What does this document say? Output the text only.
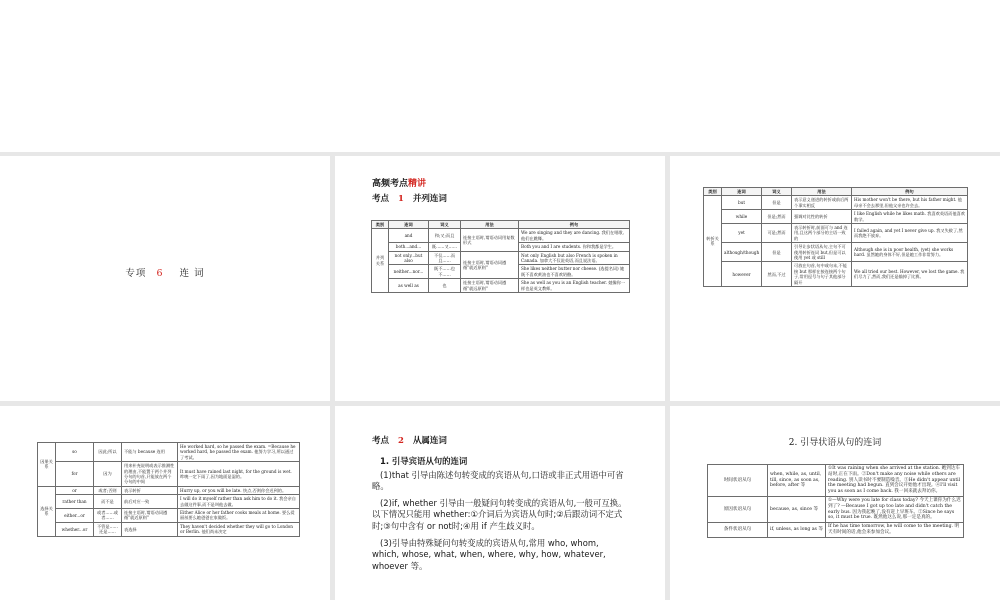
专项 6 连 词
高频考点精讲
考点 1 并列连词
类别	连词	词义	用法	例句
并列关系	and	和;又;而且	连接主语时,谓语动词用复数形式	We are singing and they are dancing. 我们在唱歌,他们在跳舞。
	both...and...	既……又……		Both you and I are students. 你和我都是学生。
	not only...but also	不仅……而且……	连接主语时,谓语动词遵循"就近原则"	Not only English but also French is spoken in Canada. 加拿大不仅说英语,而且说法语。
	neither...nor...	既不……也不……		She likes neither butter nor cheese. (选提名词) 她既不喜欢黄油也不喜欢奶酪。
	as well as	也	连接主语时,谓语动词遵循"就远原则"	She as well as you is an English teacher. 她像你一样也是英文教师。
类别	连词	词义	用法	例句
转折关系	but	但是	表示意义递进的转折或前后两个事实相反	His mother won't be there, but his father might. 他母亲不会去那里,但他父亲也许会去。
	while	但是;然而	强调对比性的转折	I like English while he likes math. 我喜欢英语而他喜欢数学。
	yet	可是;然而	表示转折时,前面可与 and 连用,且这两个部分的主语一致的	I failed again, and yet I never give up. 我又失败了,然而我绝不放弃。
	although/though	但是	引导让步状语从句,主句不可使用转折连词 but,但是可以使用 yet 或 still	Although she is in poor health, (yet) she works hard. 虽然她的身体不好,但是她工作非常努力。
	however	然而,不过	可放在句首,句中或句末,不能接 but 那样在接连接两个句子,常用逗号与句子其他部分隔开	We all tried our best. However, we lost the game. 我们尽力了,然而,我们还是输掉了比赛。
因果关系	so	因此;所以	不能与 because 连用	He worked hard, so he passed the exam. =Because he worked hard, he passed the exam. 他努力学习,所以通过了考试。
	for	因为	用来补充说明或表示推测性的理由,不能置于两个并列分句的句首,只能放在两个分句的中间	It must have rained last night, for the ground is wet. 昨晚一定下雨了,因为地面是湿的。
选择关系	or	或者;否则	表示转折	Hurry up, or you will be late. 快点,否则你会迟到的。
	rather than	而不是	前后对应一致	I will do it myself rather than ask him to do it. 我会亲自去做这件事,而不是叫他去做。
	either...or	或者……或者……	连接主语时,谓语动词遵循"就近原则"	Either Alice or her father cooks meals at home. 要么爱丽丝要么她爸爸在家做饭。
	whether...or	不管是……还是……	表选择	They haven't decided whether they will go to London or Berlin. 他们尚未决定
考点 2 从属连词

1. 引导宾语从句的连词

(1)that 引导由陈述句转变成的宾语从句,口语或非正式用语中可省略。

(2)if, whether 引导由一般疑问句转变成的宾语从句,一般可互换。以下情况只能用 whether:①介词后为宾语从句时;②后跟动词不定式时;③句中含有 or not时;④用 if 产生歧义时。

(3)引导由特殊疑问句转变成的宾语从句,常用 who, whom, which, whose, what, when, where, why, how, whatever, whoever 等。

2. 引导状语从句的连词
时间状语从句	when, while, as, until, till, since, as soon as, before, after 等	①It was raining when she arrived at the station. 她到达车站时,正在下雨。②Don't make any noise while others are reading. 别人读书时不要制造噪音。③He didn't appear until the meeting had begun. 直到会议开始他才出现。④I'll visit you as soon as I come back. 我一回来就去拜访你。
原因状语从句	because, as, since 等	①—Why were you late for class today? 今天上课你为什么迟到了? —Because I got up too late and didn't catch the early bus. 因为我起晚了,没有赶上早班车。②Since he says so, it must be true. 既然他这么说,那一定是真的。
条件状语从句	if, unless, as long as 等	If he has time tomorrow, he will come to the meeting. 明天有时间的话,他会来参加会议。
